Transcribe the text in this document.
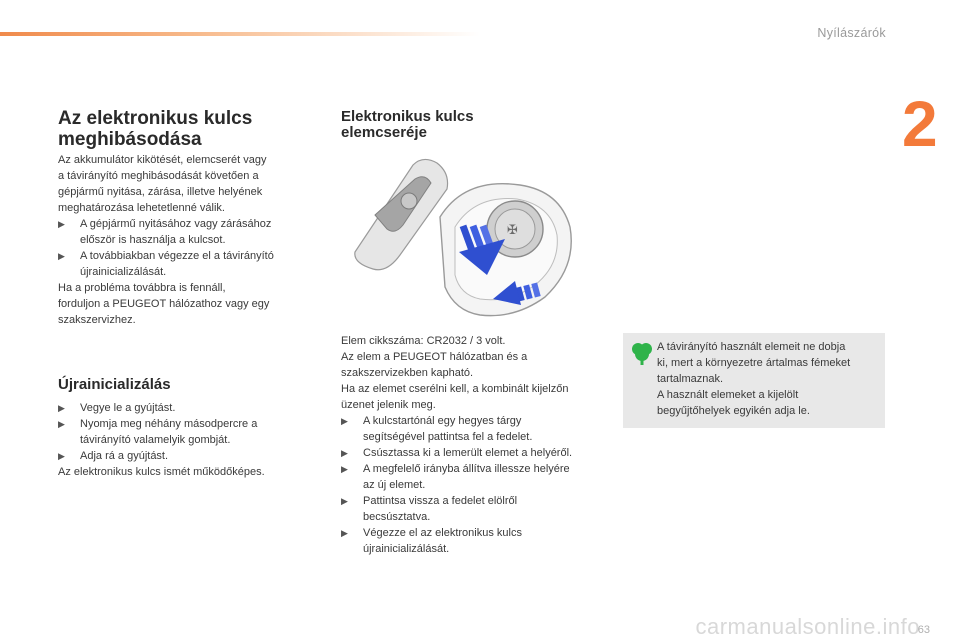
Nyílászárók
2
Az elektronikus kulcs
meghibásodása

Az akkumulátor kikötését, elemcserét vagy

a távirányító meghibásodását követően a

gépjármű nyitása, zárása, illetve helyének

meghatározása lehetetlenné válik.

▶ A gépjármű nyitásához vagy zárásához
először is használja a kulcsot.
▶ A továbbiakban végezze el a távirányító
újrainicializálását.

Ha a probléma továbbra is fennáll,

forduljon a PEUGEOT hálózathoz vagy egy

szakszervizhez.

Újrainicializálás
▶ Vegye le a gyújtást.
▶ Nyomja meg néhány másodpercre a
távirányító valamelyik gombját.
▶ Adja rá a gyújtást.

Az elektronikus kulcs ismét működőképes.

Elektronikus kulcs
elemcseréje
✠

Elem cikkszáma: CR2032 / 3 volt.

Az elem a PEUGEOT hálózatban és a

szakszervizekben kapható.

Ha az elemet cserélni kell, a kombinált kijelzőn

üzenet jelenik meg.

▶ A kulcstartónál egy hegyes tárgy
segítségével pattintsa fel a fedelet.
▶ Csúsztassa ki a lemerült elemet a helyéről.
▶ A megfelelő irányba állítva illessze helyére
az új elemet.
▶ Pattintsa vissza a fedelet elölről
becsúsztatva.
▶ Végezze el az elektronikus kulcs
újrainicializálását.

A távirányító használt elemeit ne dobja

ki, mert a környezetre ártalmas fémeket

tartalmaznak.

A használt elemeket a kijelölt

begyűjtőhelyek egyikén adja le.

carmanualsonline.info
63
